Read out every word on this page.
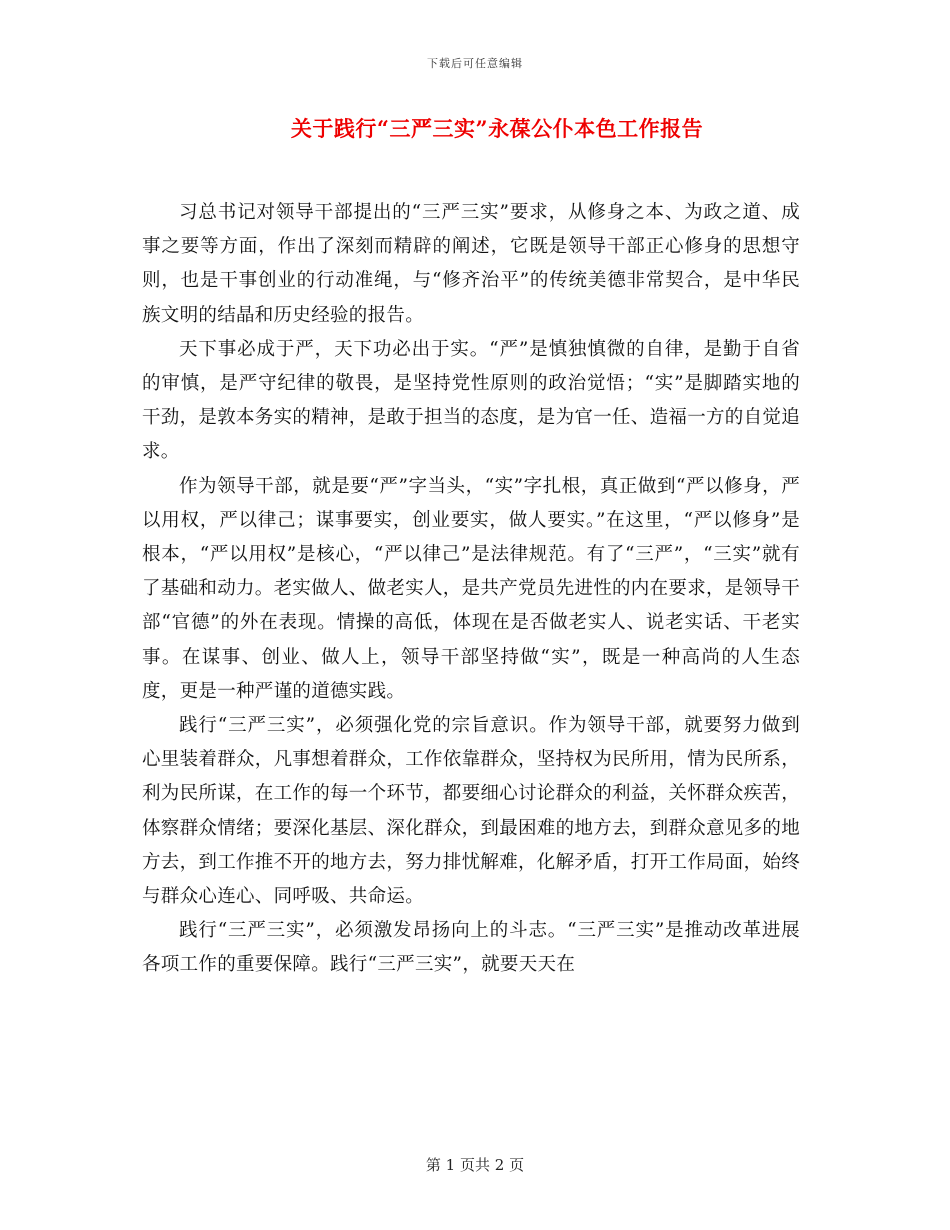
下载后可任意编辑
关于践行“三严三实”永葆公仆本色工作报告

习总书记对领导干部提出的“三严三实”要求，从修身之本、为政之道、成事之要等方面，作出了深刻而精辟的阐述，它既是领导干部正心修身的思想守则，也是干事创业的行动准绳，与“修齐治平”的传统美德非常契合，是中华民族文明的结晶和历史经验的报告。

天下事必成于严，天下功必出于实。“严”是慎独慎微的自律，是勤于自省的审慎，是严守纪律的敬畏，是坚持党性原则的政治觉悟；“实”是脚踏实地的干劲，是敦本务实的精神，是敢于担当的态度，是为官一任、造福一方的自觉追求。

作为领导干部，就是要“严”字当头，“实”字扎根，真正做到“严以修身，严以用权，严以律己；谋事要实，创业要实，做人要实。”在这里，“严以修身”是根本，“严以用权”是核心，“严以律己”是法律规范。有了“三严”，“三实”就有了基础和动力。老实做人、做老实人，是共产党员先进性的内在要求，是领导干部“官德”的外在表现。情操的高低，体现在是否做老实人、说老实话、干老实事。在谋事、创业、做人上，领导干部坚持做“实”，既是一种高尚的人生态度，更是一种严谨的道德实践。

践行“三严三实”，必须强化党的宗旨意识。作为领导干部，就要努力做到心里装着群众，凡事想着群众，工作依靠群众，坚持权为民所用，情为民所系，利为民所谋，在工作的每一个环节，都要细心讨论群众的利益，关怀群众疾苦，体察群众情绪；要深化基层、深化群众，到最困难的地方去，到群众意见多的地方去，到工作推不开的地方去，努力排忧解难，化解矛盾，打开工作局面，始终与群众心连心、同呼吸、共命运。

践行“三严三实”，必须激发昂扬向上的斗志。“三严三实”是推动改革进展各项工作的重要保障。践行“三严三实”，就要天天在

第 1 页共 2 页
